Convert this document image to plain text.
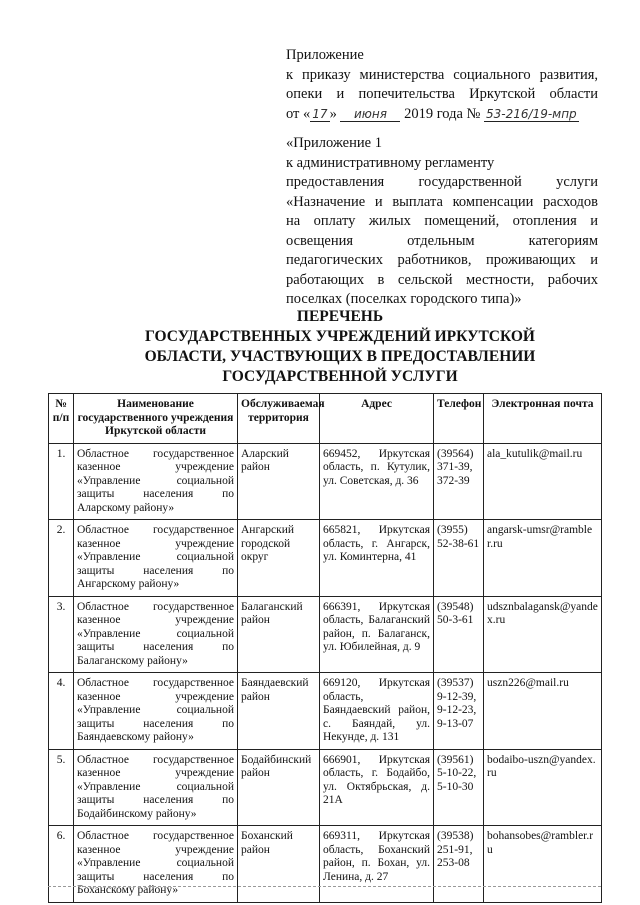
Приложение
к приказу министерства социального развития,
опеки и попечительства Иркутской области
от « 17 » июня 2019 года № 53-216/19-мпр
«Приложение 1
к административному регламенту
предоставления государственной услуги
«Назначение и выплата компенсации расходов
на оплату жилых помещений, отопления и
освещения отдельным категориям
педагогических работников, проживающих и
работающих в сельской местности, рабочих
поселках (поселках городского типа)»
ПЕРЕЧЕНЬ
ГОСУДАРСТВЕННЫХ УЧРЕЖДЕНИЙ ИРКУТСКОЙ
ОБЛАСТИ, УЧАСТВУЮЩИХ В ПРЕДОСТАВЛЕНИИ
ГОСУДАРСТВЕННОЙ УСЛУГИ
№ п/п	Наименование государственного учреждения Иркутской области	Обслуживаемая территория	Адрес	Телефон	Электронная почта
1.	Областное государственное казенное учреждение «Управление социальной защиты населения по Аларскому району»	Аларский район	669452, Иркутская область, п. Кутулик, ул. Советская, д. 36	(39564) 371-39, 372-39	ala_kutulik@mail.ru
2.	Областное государственное казенное учреждение «Управление социальной защиты населения по Ангарскому району»	Ангарский городской округ	665821, Иркутская область, г. Ангарск, ул. Коминтерна, 41	(3955) 52-38-61	angarsk-umsr@rambler.ru
3.	Областное государственное казенное учреждение «Управление социальной защиты населения по Балаганскому району»	Балаганский район	666391, Иркутская область, Балаганский район, п. Балаганск, ул. Юбилейная, д. 9	(39548) 50-3-61	udsznbalagansk@yandex.ru
4.	Областное государственное казенное учреждение «Управление социальной защиты населения по Баяндаевскому району»	Баяндаевский район	669120, Иркутская область, Баяндаевский район, с. Баяндай, ул. Некунде, д. 131	(39537) 9-12-39, 9-12-23, 9-13-07	uszn226@mail.ru
5.	Областное государственное казенное учреждение «Управление социальной защиты населения по Бодайбинскому району»	Бодайбинский район	666901, Иркутская область, г. Бодайбо, ул. Октябрьская, д. 21А	(39561) 5-10-22, 5-10-30	bodaibo-uszn@yandex.ru
6.	Областное государственное казенное учреждение «Управление социальной защиты населения по Боханскому району»	Боханский район	669311, Иркутская область, Боханский район, п. Бохан, ул. Ленина, д. 27	(39538) 251-91, 253-08	bohansobes@rambler.ru
